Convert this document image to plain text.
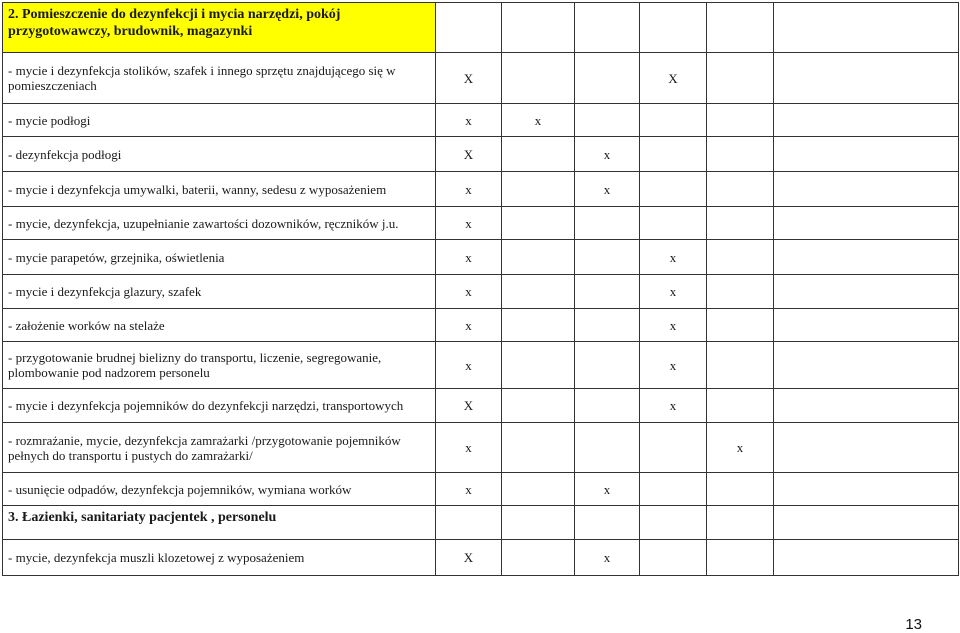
2. Pomieszczenie do dezynfekcji i mycia narzędzi, pokój przygotowawczy, brudownik, magazynki						
- mycie i dezynfekcja stolików, szafek i innego sprzętu znajdującego się w pomieszczeniach	X			X		
- mycie podłogi	x	x				
- dezynfekcja podłogi	X		x			
- mycie i dezynfekcja umywalki, baterii, wanny, sedesu z wyposażeniem	x		x			
- mycie, dezynfekcja, uzupełnianie zawartości dozowników, ręczników j.u.	x					
- mycie parapetów, grzejnika, oświetlenia	x			x		
- mycie i dezynfekcja glazury, szafek	x			x		
- założenie worków na stelaże	x			x		
- przygotowanie brudnej bielizny do transportu, liczenie, segregowanie, plombowanie pod nadzorem personelu	x			x		
- mycie i dezynfekcja pojemników do dezynfekcji narzędzi, transportowych	X			x		
- rozmrażanie, mycie, dezynfekcja zamrażarki /przygotowanie pojemników pełnych do transportu i pustych do zamrażarki/	x				x	
- usunięcie odpadów, dezynfekcja pojemników, wymiana worków	x		x			
3. Łazienki, sanitariaty pacjentek , personelu						
- mycie, dezynfekcja muszli klozetowej z wyposażeniem	X		x			
13
